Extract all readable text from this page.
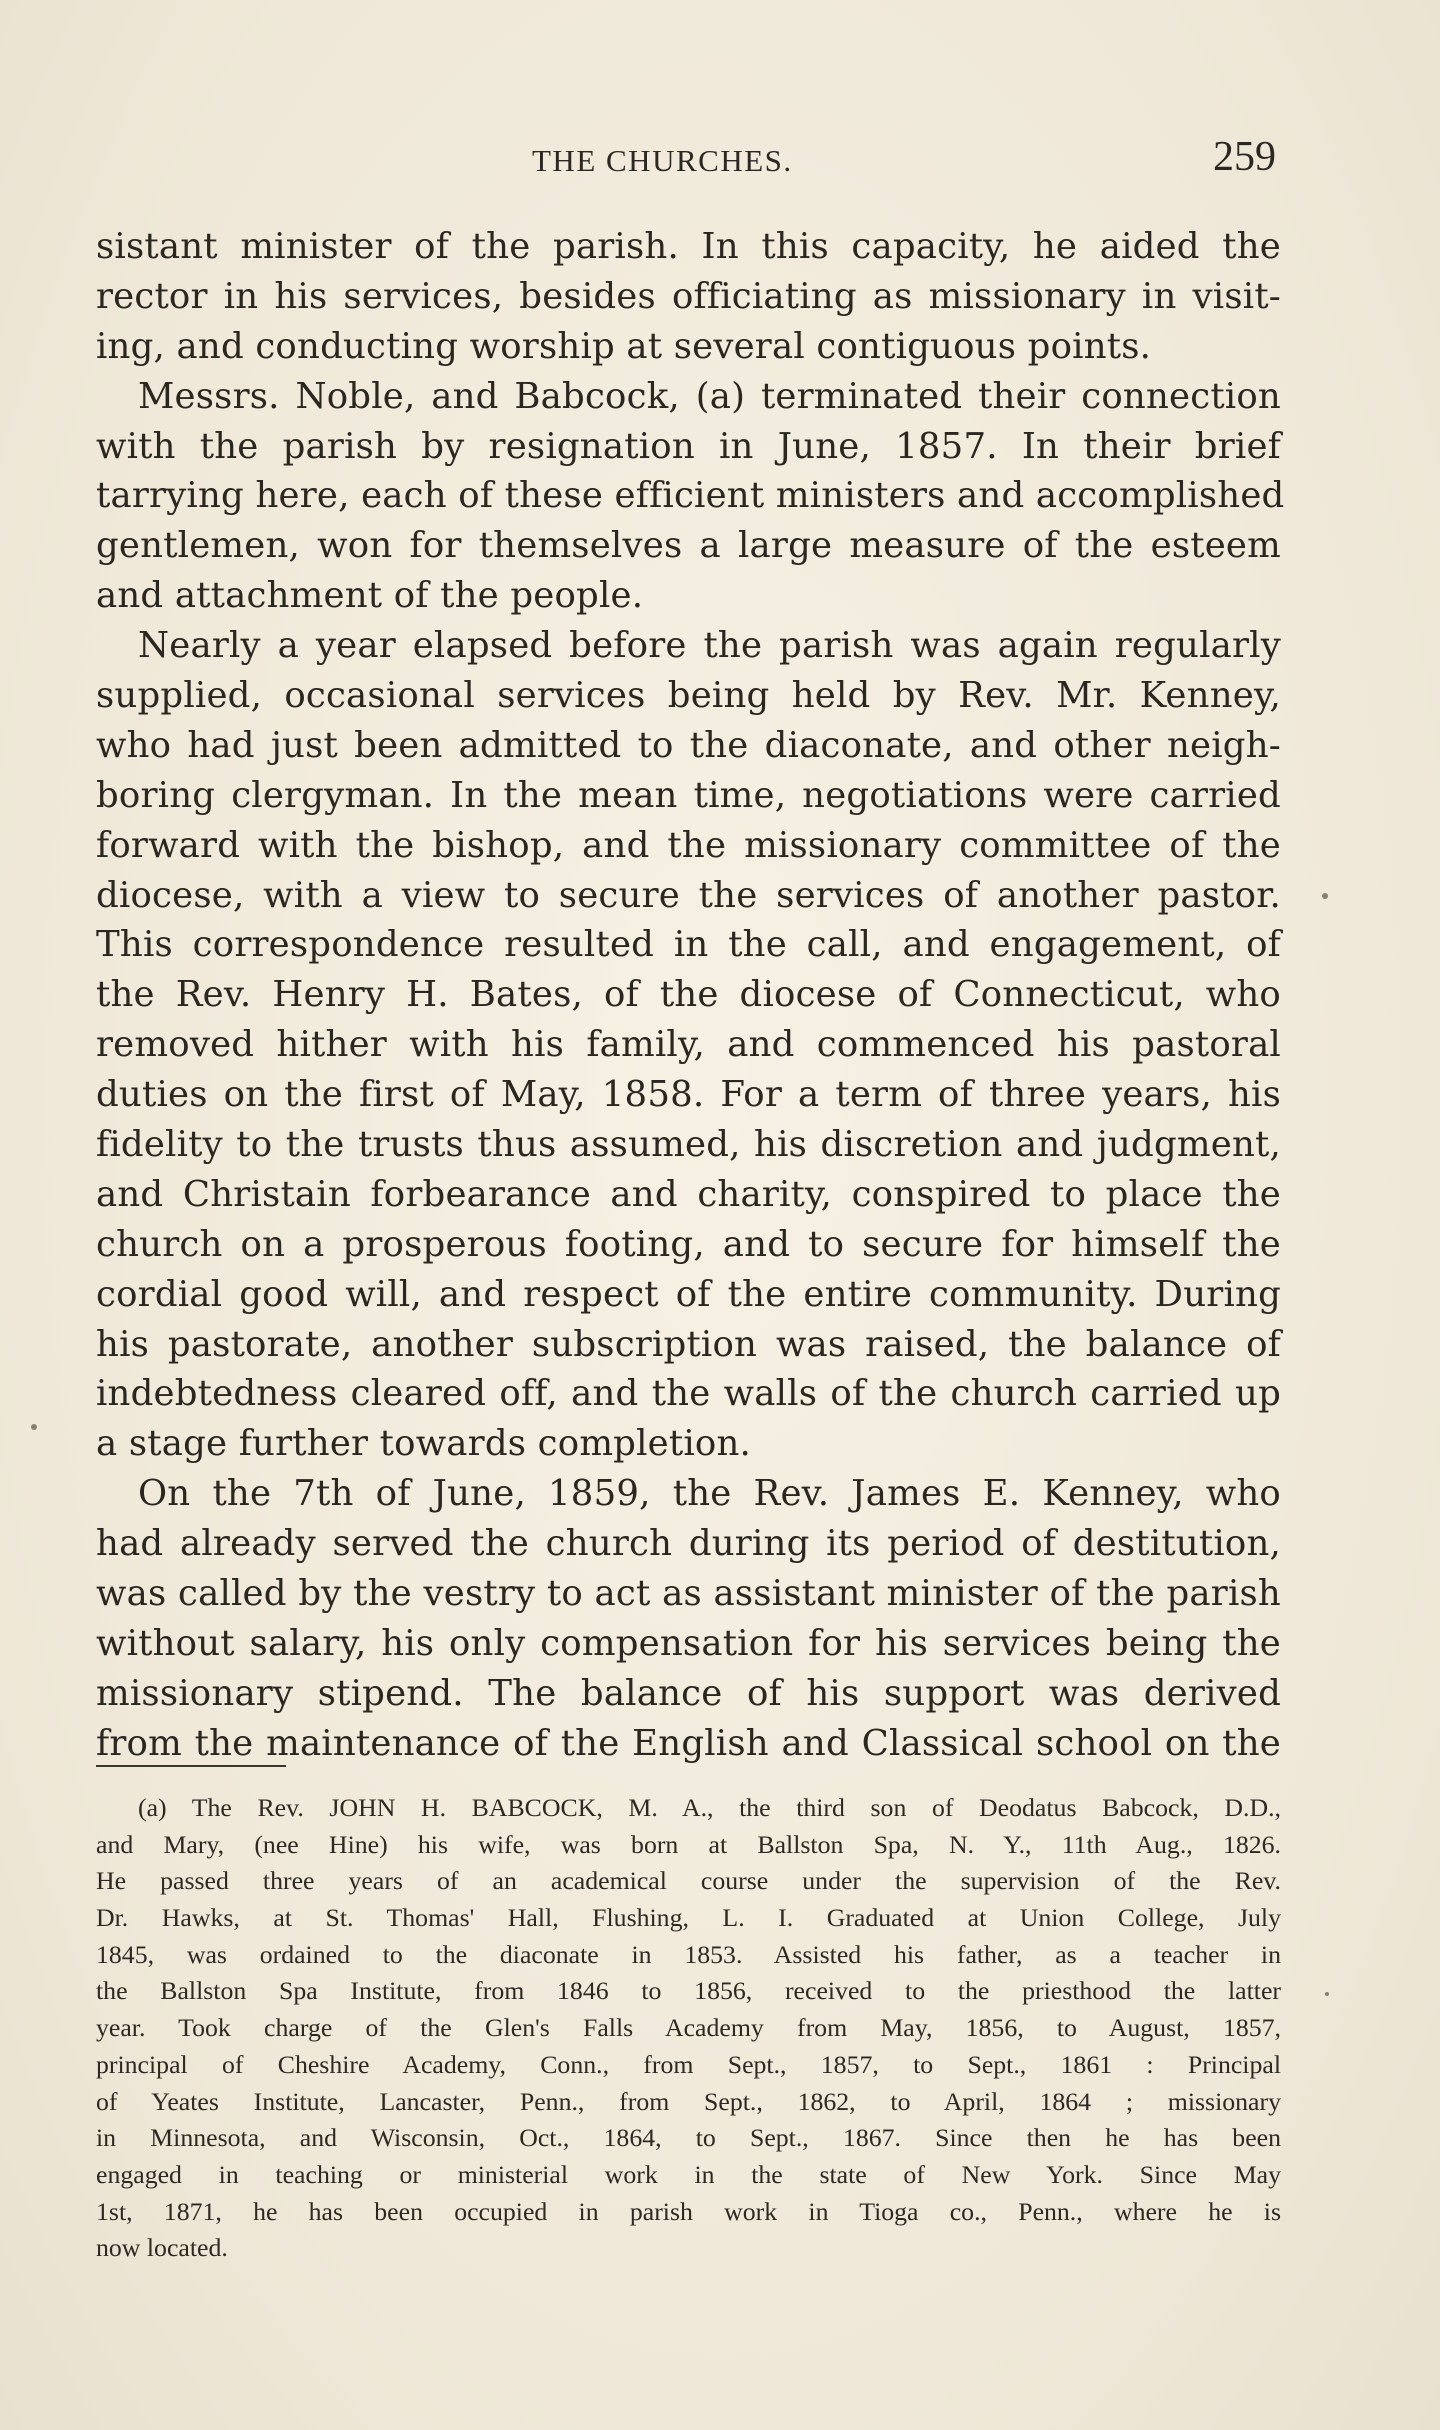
THE CHURCHES.	259
sistant minister of the parish. In this capacity, he aided the
rector in his services, besides officiating as missionary in visit-
ing, and conducting worship at several contiguous points.
Messrs. Noble, and Babcock, (a) terminated their connection
with the parish by resignation in June, 1857. In their brief
tarrying here, each of these efficient ministers and accomplished
gentlemen, won for themselves a large measure of the esteem
and attachment of the people.
Nearly a year elapsed before the parish was again regularly
supplied, occasional services being held by Rev. Mr. Kenney,
who had just been admitted to the diaconate, and other neigh-
boring clergyman. In the mean time, negotiations were carried
forward with the bishop, and the missionary committee of the
diocese, with a view to secure the services of another pastor.
This correspondence resulted in the call, and engagement, of
the Rev. Henry H. Bates, of the diocese of Connecticut, who
removed hither with his family, and commenced his pastoral
duties on the first of May, 1858. For a term of three years, his
fidelity to the trusts thus assumed, his discretion and judgment,
and Christain forbearance and charity, conspired to place the
church on a prosperous footing, and to secure for himself the
cordial good will, and respect of the entire community. During
his pastorate, another subscription was raised, the balance of
indebtedness cleared off, and the walls of the church carried up
a stage further towards completion.
On the 7th of June, 1859, the Rev. James E. Kenney, who
had already served the church during its period of destitution,
was called by the vestry to act as assistant minister of the parish
without salary, his only compensation for his services being the
missionary stipend. The balance of his support was derived
from the maintenance of the English and Classical school on the
(a) The Rev. JOHN H. BABCOCK, M. A., the third son of Deodatus Babcock, D.D.,
and Mary, (nee Hine) his wife, was born at Ballston Spa, N. Y., 11th Aug., 1826.
He passed three years of an academical course under the supervision of the Rev.
Dr. Hawks, at St. Thomas' Hall, Flushing, L. I. Graduated at Union College, July
1845, was ordained to the diaconate in 1853. Assisted his father, as a teacher in
the Ballston Spa Institute, from 1846 to 1856, received to the priesthood the latter
year. Took charge of the Glen's Falls Academy from May, 1856, to August, 1857,
principal of Cheshire Academy, Conn., from Sept., 1857, to Sept., 1861 : Principal
of Yeates Institute, Lancaster, Penn., from Sept., 1862, to April, 1864 ; missionary
in Minnesota, and Wisconsin, Oct., 1864, to Sept., 1867. Since then he has been
engaged in teaching or ministerial work in the state of New York. Since May
1st, 1871, he has been occupied in parish work in Tioga co., Penn., where he is
now located.
